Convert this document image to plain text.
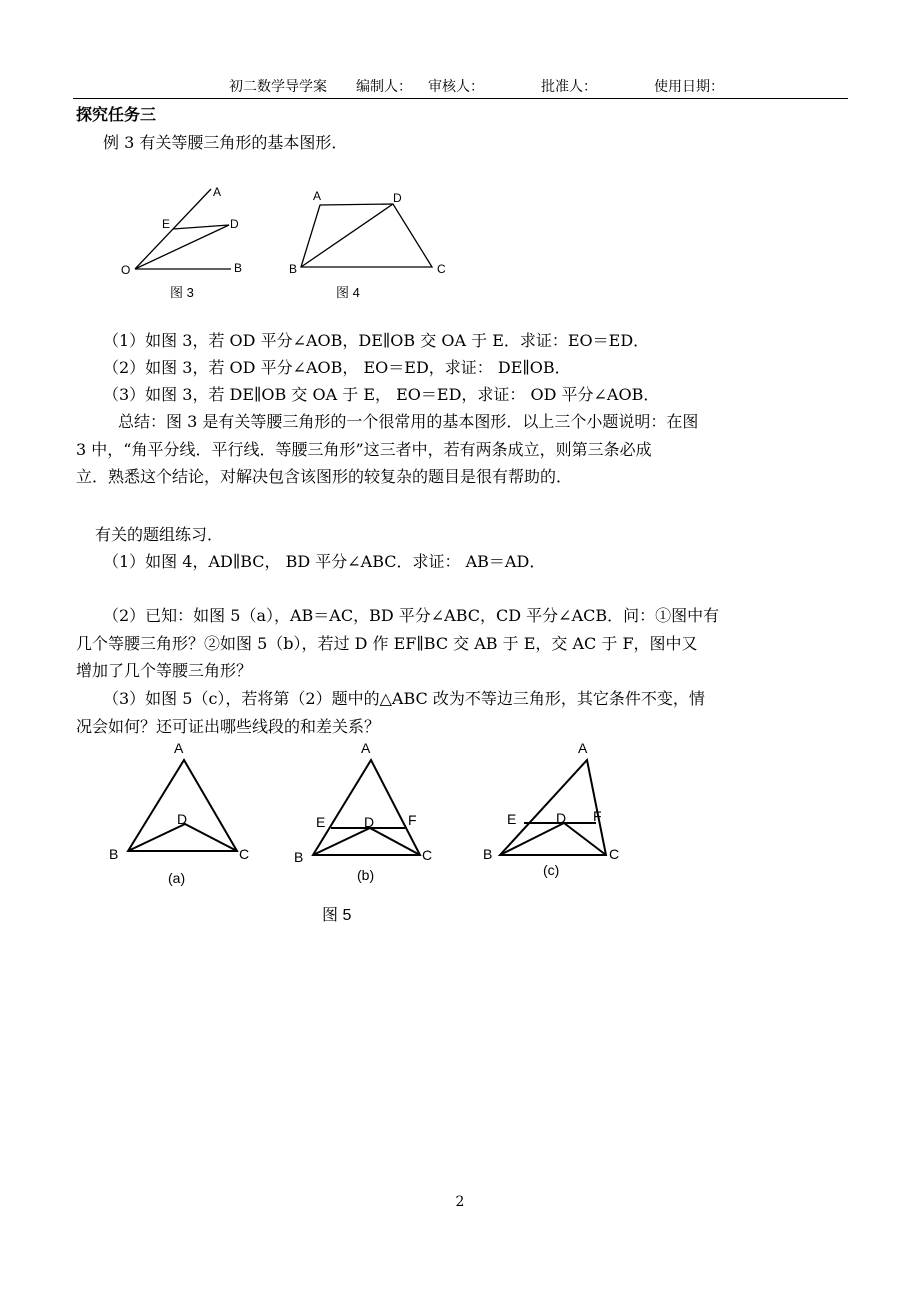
初二数学导学案 编制人： 审核人：	批准人：	使用日期：
探究任务三
例 3 有关等腰三角形的基本图形．
A
E	D
O	B
图 3
A	D
B	C
图 4
（1）如图 3，若 OD 平分∠AOB，DE∥OB 交 OA 于 E．求证：EO＝ED．
（2）如图 3，若 OD 平分∠AOB， EO＝ED，求证： DE∥OB．
（3）如图 3，若 DE∥OB 交 OA 于 E， EO＝ED，求证： OD 平分∠AOB．
总结：图 3 是有关等腰三角形的一个很常用的基本图形．以上三个小题说明：在图
3 中，“角平分线．平行线．等腰三角形”这三者中，若有两条成立，则第三条必成
立．熟悉这个结论，对解决包含该图形的较复杂的题目是很有帮助的．
有关的题组练习．
（1）如图 4，AD∥BC， BD 平分∠ABC．求证： AB＝AD．
（2）已知：如图 5（a），AB＝AC，BD 平分∠ABC，CD 平分∠ACB．问：①图中有
几个等腰三角形？②如图 5（b），若过 D 作 EF∥BC 交 AB 于 E，交 AC 于 F，图中又
增加了几个等腰三角形？
（3）如图 5（c），若将第（2）题中的△ABC 改为不等边三角形，其它条件不变，情
况会如何？还可证出哪些线段的和差关系？
A
D
B	C
(a)
A
D
E	F
B	C
(b)
A
D
E	F
B	C
(c)
图 5
2
